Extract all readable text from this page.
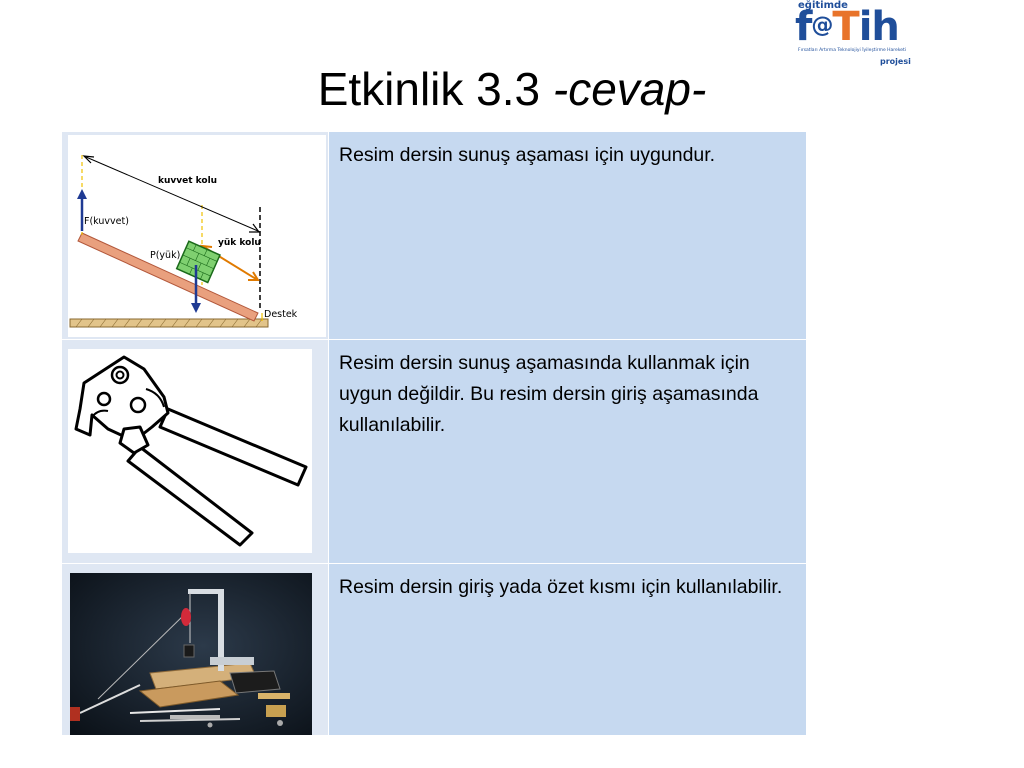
eğitimde
f@Tih
Fırsatları Artırma Teknolojiyi İyileştirme Hareketi
projesi
Etkinlik 3.3 -cevap-
kuvvet kolu
yük kolu
F(kuvvet)
P(yük)
Destek	Resim dersin sunuş aşaması için uygundur.

Resim dersin sunuş aşamasında kullanmak için uygun değildir. Bu resim dersin giriş aşamasında kullanılabilir.

Resim dersin giriş yada özet kısmı için kullanılabilir.
